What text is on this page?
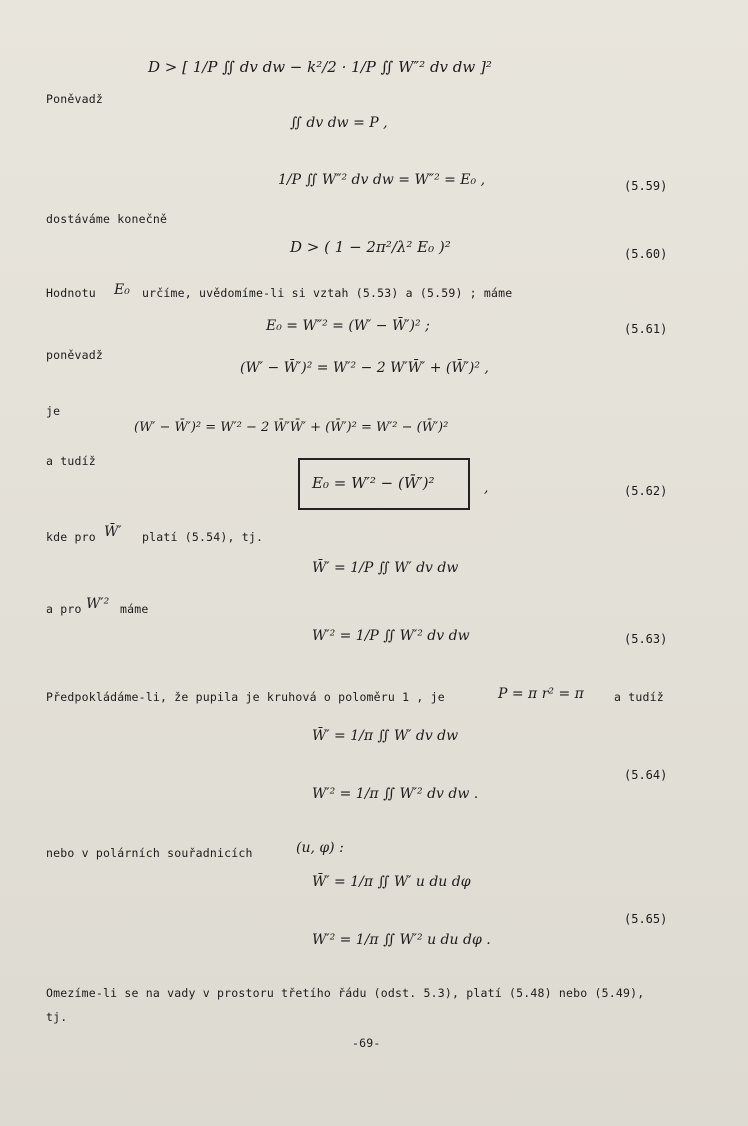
D > [ 1/P ∬ dv dw − k²/2 · 1/P ∬ W″² dv dw ]²
Poněvadž
∬ dv dw = P ,
1/P ∬ W″² dv dw = W″² = E₀ ,	(5.59)
dostáváme konečně
D > ( 1 − 2π²/λ² E₀ )²	(5.60)
Hodnotu E₀ určíme, uvědomíme-li si vztah (5.53) a (5.59) ; máme
E₀ = W″² = (W′ − W̄′)² ;	(5.61)
poněvadž
(W′ − W̄′)² = W′² − 2 W′W̄′ + (W̄′)² ,
je
(W′ − W̄′)² = W′² − 2 W̄′W̄′ + (W̄′)² = W′² − (W̄′)²
a tudíž
E₀ = W′² − (W̄′)²	,	(5.62)
kde pro W̄′ platí (5.54), tj.
W̄′ = 1/P ∬ W′ dv dw
a pro W′² máme
W′² = 1/P ∬ W′² dv dw	(5.63)
Předpokládáme-li, že pupila je kruhová o poloměru 1 , je	P = π r² = π	a tudíž
W̄′ = 1/π ∬ W′ dv dw
W′² = 1/π ∬ W′² dv dw .
(5.64)
nebo v polárních souřadnicích	(u, φ) :
W̄′ = 1/π ∬ W′ u du dφ
W′² = 1/π ∬ W′² u du dφ .
(5.65)
Omezíme-li se na vady v prostoru třetího řádu (odst. 5.3), platí (5.48) nebo (5.49),
tj.
-69-
